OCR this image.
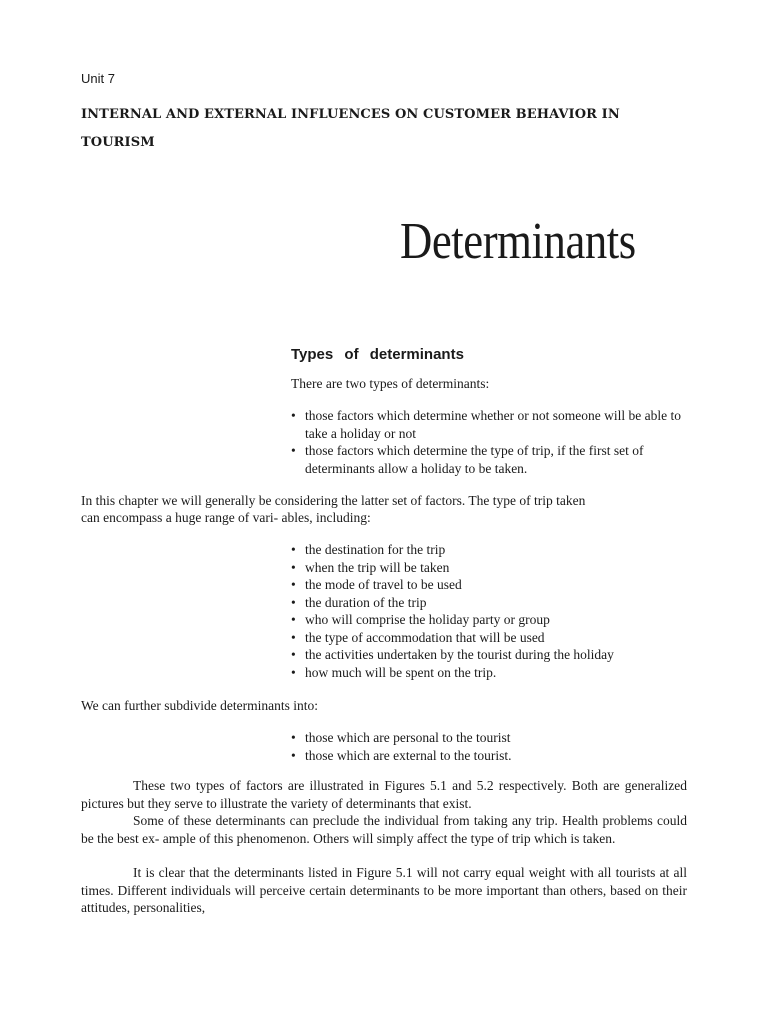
Unit 7
INTERNAL AND EXTERNAL INFLUENCES ON CUSTOMER BEHAVIOR IN TOURISM
Determinants
Types of determinants
There are two types of determinants:
• those factors which determine whether or not someone will be able to take a holiday or not
• those factors which determine the type of trip, if the first set of determinants allow a holiday to be taken.
In this chapter we will generally be considering the latter set of factors. The type of trip taken
can encompass a huge range of vari- ables, including:
• the destination for the trip
• when the trip will be taken
• the mode of travel to be used
• the duration of the trip
• who will comprise the holiday party or group
• the type of accommodation that will be used
• the activities undertaken by the tourist during the holiday
• how much will be spent on the trip.
We can further subdivide determinants into:
• those which are personal to the tourist
• those which are external to the tourist.
These two types of factors are illustrated in Figures 5.1 and 5.2 respectively. Both are generalized pictures but they serve to illustrate the variety of determinants that exist.
Some of these determinants can preclude the individual from taking any trip. Health problems could be the best ex- ample of this phenomenon. Others will simply affect the type of trip which is taken.
It is clear that the determinants listed in Figure 5.1 will not carry equal weight with all tourists at all times. Different individuals will perceive certain determinants to be more important than others, based on their attitudes, personalities,
